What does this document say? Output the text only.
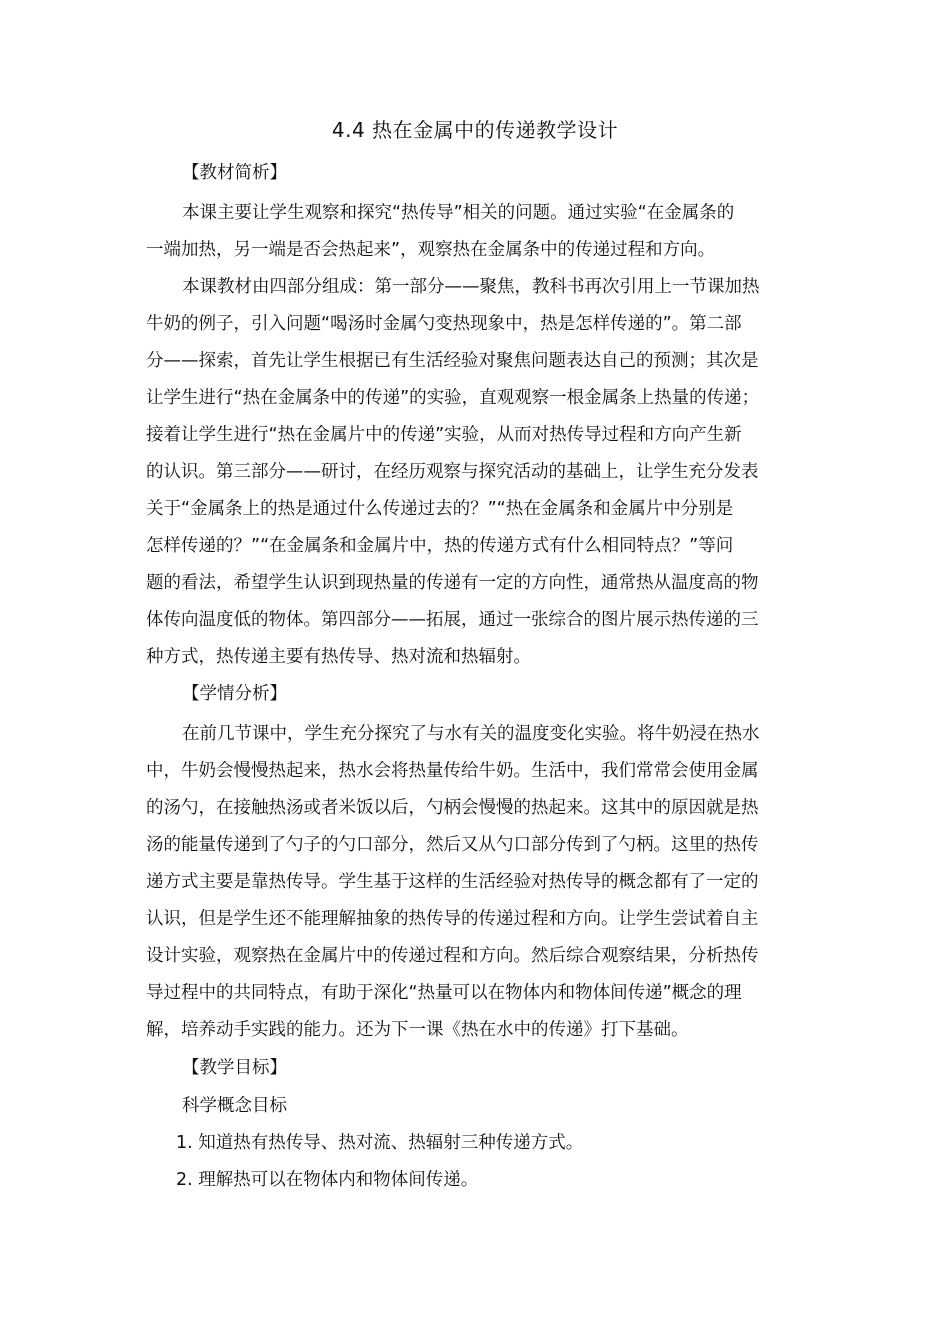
4.4 热在金属中的传递教学设计
【教材简析】
本课主要让学生观察和探究“热传导”相关的问题。通过实验“在金属条的
一端加热，另一端是否会热起来”，观察热在金属条中的传递过程和方向。
本课教材由四部分组成：第一部分——聚焦，教科书再次引用上一节课加热
牛奶的例子，引入问题“喝汤时金属勺变热现象中，热是怎样传递的”。第二部
分——探索，首先让学生根据已有生活经验对聚焦问题表达自己的预测；其次是
让学生进行“热在金属条中的传递”的实验，直观观察一根金属条上热量的传递；
接着让学生进行“热在金属片中的传递”实验，从而对热传导过程和方向产生新
的认识。第三部分——研讨，在经历观察与探究活动的基础上，让学生充分发表
关于“金属条上的热是通过什么传递过去的？”“热在金属条和金属片中分别是
怎样传递的？”“在金属条和金属片中，热的传递方式有什么相同特点？”等问
题的看法，希望学生认识到现热量的传递有一定的方向性，通常热从温度高的物
体传向温度低的物体。第四部分——拓展，通过一张综合的图片展示热传递的三
种方式，热传递主要有热传导、热对流和热辐射。
【学情分析】
在前几节课中，学生充分探究了与水有关的温度变化实验。将牛奶浸在热水
中，牛奶会慢慢热起来，热水会将热量传给牛奶。生活中，我们常常会使用金属
的汤勺，在接触热汤或者米饭以后，勺柄会慢慢的热起来。这其中的原因就是热
汤的能量传递到了勺子的勺口部分，然后又从勺口部分传到了勺柄。这里的热传
递方式主要是靠热传导。学生基于这样的生活经验对热传导的概念都有了一定的
认识，但是学生还不能理解抽象的热传导的传递过程和方向。让学生尝试着自主
设计实验，观察热在金属片中的传递过程和方向。然后综合观察结果，分析热传
导过程中的共同特点，有助于深化“热量可以在物体内和物体间传递”概念的理
解，培养动手实践的能力。还为下一课《热在水中的传递》打下基础。
【教学目标】
科学概念目标
1. 知道热有热传导、热对流、热辐射三种传递方式。
2. 理解热可以在物体内和物体间传递。
